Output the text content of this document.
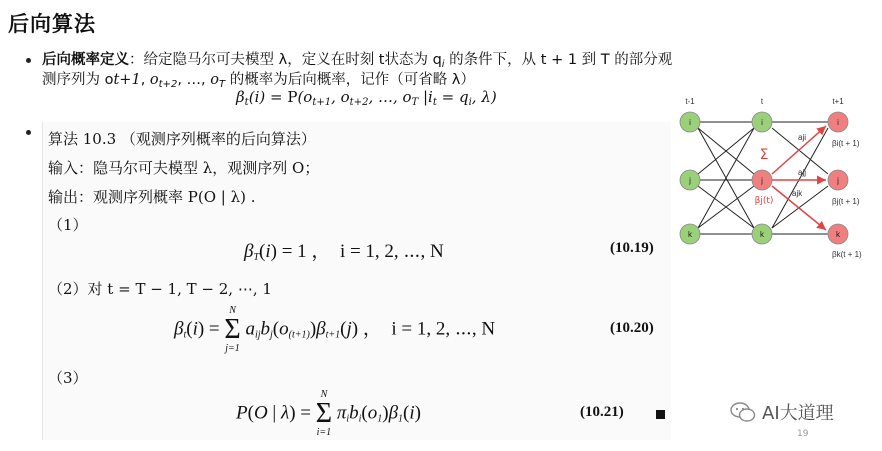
后向算法
后向概率定义：给定隐马尔可夫模型 λ，定义在时刻 t状态为 $q_i$ 的条件下，从 t + 1 到 T 的部分观
测序列为 ot+1, $o_{t+2}$, …, $o_T$ 的概率为后向概率，记作（可省略 λ）
$\beta_t(i) = P(o_{t+1}$, $o_{t+2}$, …, $o_T$ $|i_t = q_i$, λ)
算法 10.3 （观测序列概率的后向算法）
输入：隐马尔可夫模型 λ，观测序列 O；
输出：观测序列概率 P(O | λ) .
（1）
$\beta_T(i) = 1$ ，  i = 1, 2, ⋯, N	(10.19)
（2）对 t = T − 1, T − 2, ⋯, 1
$\beta_t(i)$ =
N
Σ
j=1
$a_{ij}b_j(o_{(t+1)})\beta_{t+1}(j)$ ，  i = 1, 2, ⋯, N	(10.20)
（3）
P(O | λ) =
N
Σ
i=1
$\pi_ib_i(o_1)\beta_1(i)$	(10.21)
t-1	t	t+1
aji
ajj
ajk
Σ
βj(t)
i
j
k
i
j
k
i
j
k
βi(t + 1)
βj(t + 1)
βk(t + 1)
AI大道理
19
